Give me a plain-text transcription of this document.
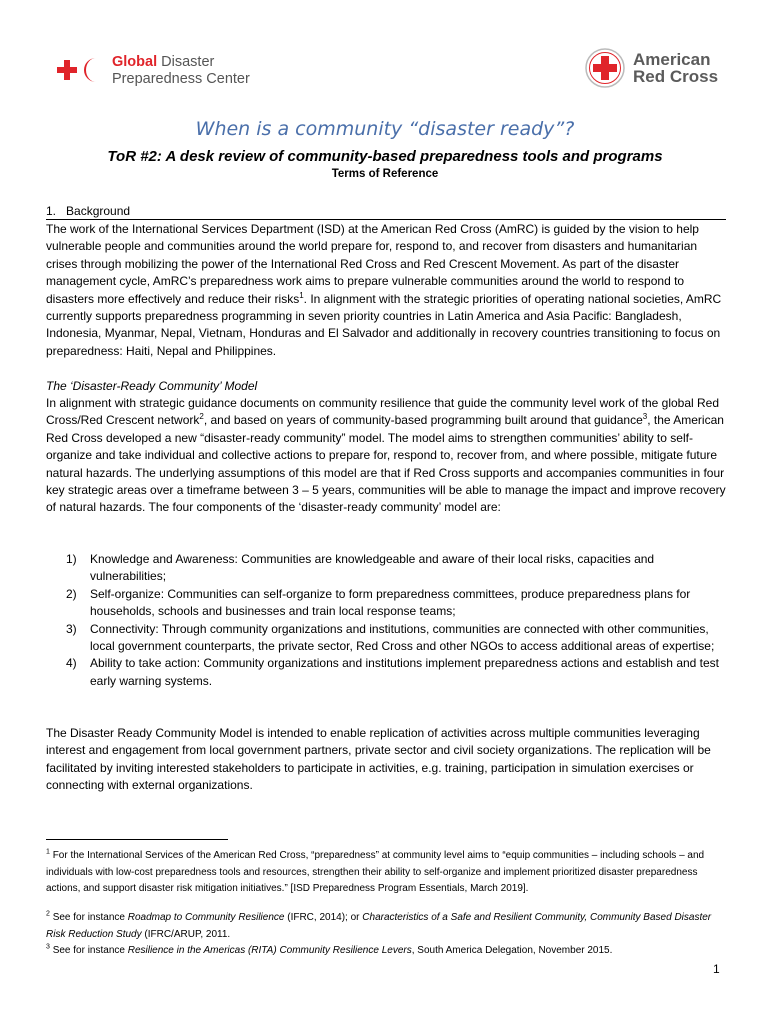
Global Disaster
Preparedness Center
American
Red Cross
When is a community “disaster ready”?
ToR #2: A desk review of community-based preparedness tools and programs
Terms of Reference
1. Background

The work of the International Services Department (ISD) at the American Red Cross (AmRC) is guided by the vision to help vulnerable people and communities around the world prepare for, respond to, and recover from disasters and humanitarian crises through mobilizing the power of the International Red Cross and Red Crescent Movement. As part of the disaster management cycle, AmRC’s preparedness work aims to prepare vulnerable communities around the world to respond to disasters more effectively and reduce their risks$^1$. In alignment with the strategic priorities of operating national societies, AmRC currently supports preparedness programming in seven priority countries in Latin America and Asia Pacific: Bangladesh, Indonesia, Myanmar, Nepal, Vietnam, Honduras and El Salvador and additionally in recovery countries transitioning to focus on preparedness: Haiti, Nepal and Philippines.

The ‘Disaster-Ready Community’ Model

In alignment with strategic guidance documents on community resilience that guide the community level work of the global Red Cross/Red Crescent network$^2$, and based on years of community-based programming built around that guidance$^3$, the American Red Cross developed a new “disaster-ready community” model. The model aims to strengthen communities’ ability to self-organize and take individual and collective actions to prepare for, respond to, recover from, and where possible, mitigate future natural hazards. The underlying assumptions of this model are that if Red Cross supports and accompanies communities in four key strategic areas over a timeframe between 3 – 5 years, communities will be able to manage the impact and improve recovery of natural hazards. The four components of the ‘disaster-ready community’ model are:

1) Knowledge and Awareness: Communities are knowledgeable and aware of their local risks, capacities and vulnerabilities;
2) Self-organize: Communities can self-organize to form preparedness committees, produce preparedness plans for households, schools and businesses and train local response teams;
3) Connectivity: Through community organizations and institutions, communities are connected with other communities, local government counterparts, the private sector, Red Cross and other NGOs to access additional areas of expertise;
4) Ability to take action: Community organizations and institutions implement preparedness actions and establish and test early warning systems.

The Disaster Ready Community Model is intended to enable replication of activities across multiple communities leveraging interest and engagement from local government partners, private sector and civil society organizations. The replication will be facilitated by inviting interested stakeholders to participate in activities, e.g. training, participation in simulation exercises or connecting with external organizations.

$^1$ For the International Services of the American Red Cross, “preparedness” at community level aims to “equip communities – including schools – and individuals with low-cost preparedness tools and resources, strengthen their ability to self-organize and implement prioritized disaster preparedness actions, and support disaster risk mitigation initiatives.” [ISD Preparedness Program Essentials, March 2019].

$^2$ See for instance Roadmap to Community Resilience (IFRC, 2014); or Characteristics of a Safe and Resilient Community, Community Based Disaster Risk Reduction Study (IFRC/ARUP, 2011.

$^3$ See for instance Resilience in the Americas (RITA) Community Resilience Levers, South America Delegation, November 2015.

1
